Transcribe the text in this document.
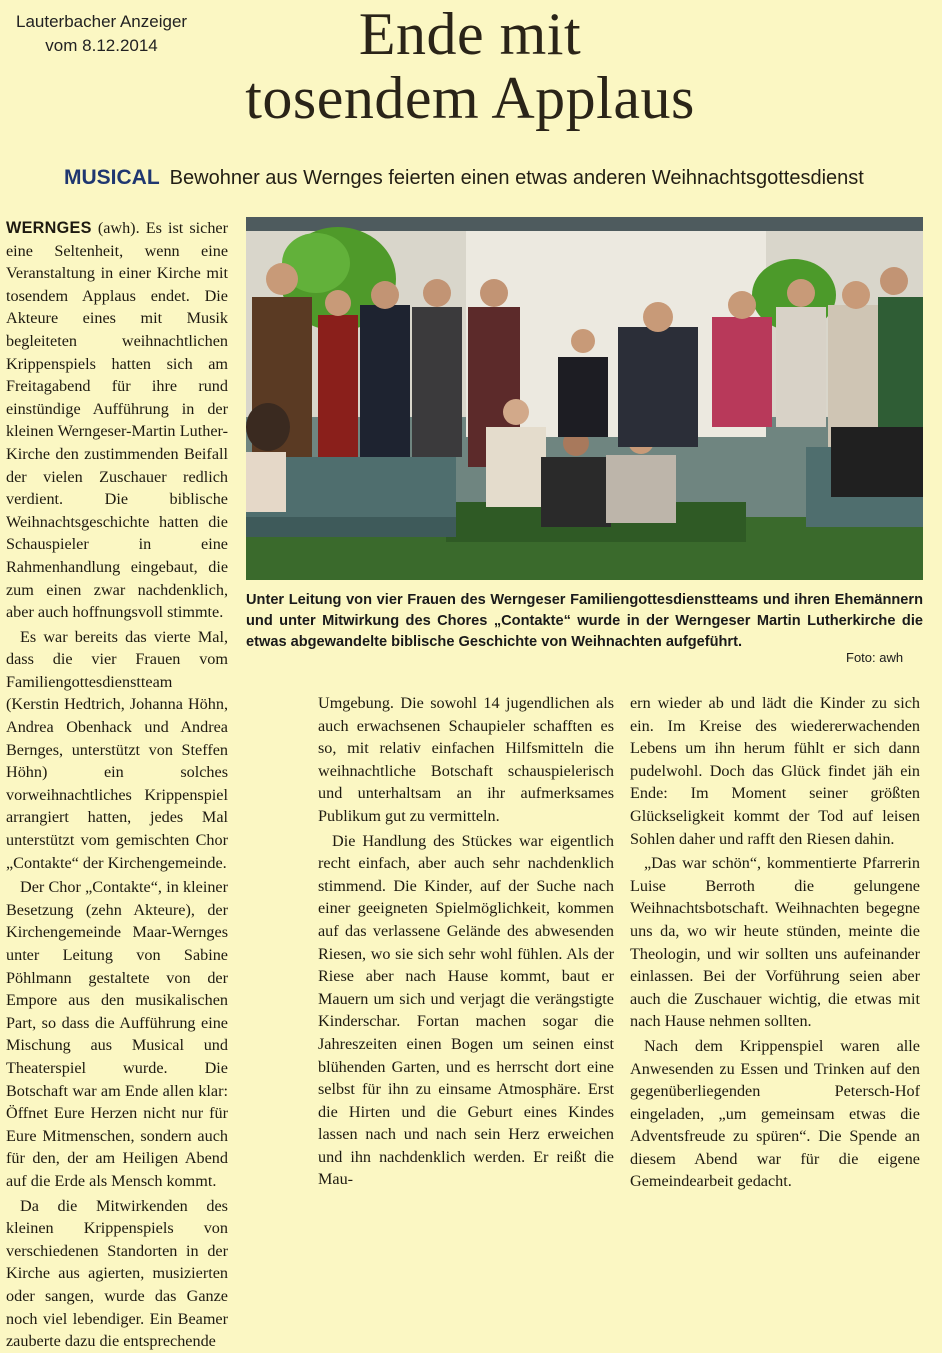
Lauterbacher Anzeiger
vom 8.12.2014	Ende mit
tosendem Applaus
MUSICAL Bewohner aus Wernges feierten einen etwas anderen Weihnachtsgottesdienst
Unter Leitung von vier Frauen des Werngeser Familiengottesdienstteams und ihren Ehemännern und unter Mitwirkung des Chores „Contakte“ wurde in der Werngeser Martin Lutherkirche die etwas abgewandelte biblische Geschichte von Weihnachten aufgeführt.
Foto: awh

WERNGES (awh). Es ist sicher eine Seltenheit, wenn eine Veranstaltung in einer Kirche mit tosendem Applaus endet. Die Akteure eines mit Musik begleiteten weihnachtlichen Krippenspiels hatten sich am Freitagabend für ihre rund einstündige Aufführung in der kleinen Werngeser-Martin Luther-Kirche den zustimmenden Beifall der vielen Zuschauer redlich verdient. Die biblische Weihnachtsgeschichte hatten die Schauspieler in eine Rahmenhandlung eingebaut, die zum einen zwar nachdenklich, aber auch hoffnungsvoll stimmte.

Es war bereits das vierte Mal, dass die vier Frauen vom Familiengottesdienstteam (Kerstin Hedtrich, Johanna Höhn, Andrea Obenhack und Andrea Bernges, unterstützt von Steffen Höhn) ein solches vorweihnachtliches Krippenspiel arrangiert hatten, jedes Mal unterstützt vom gemischten Chor „Contakte“ der Kirchengemeinde.

Der Chor „Contakte“, in kleiner Besetzung (zehn Akteure), der Kirchengemeinde Maar-Wernges unter Leitung von Sabine Pöhlmann gestaltete von der Empore aus den musikalischen Part, so dass die Aufführung eine Mischung aus Musical und Theaterspiel wurde. Die Botschaft war am Ende allen klar: Öffnet Eure Herzen nicht nur für Eure Mitmenschen, sondern auch für den, der am Heiligen Abend auf die Erde als Mensch kommt.

Da die Mitwirkenden des kleinen Krippenspiels von verschiedenen Standorten in der Kirche aus agierten, musizierten oder sangen, wurde das Ganze noch viel lebendiger. Ein Beamer zauberte dazu die entsprechende

Umgebung. Die sowohl 14 jugendlichen als auch erwachsenen Schaupieler schafften es so, mit relativ einfachen Hilfsmitteln die weihnachtliche Botschaft schauspielerisch und unterhaltsam an ihr aufmerksames Publikum gut zu vermitteln.

Die Handlung des Stückes war eigentlich recht einfach, aber auch sehr nachdenklich stimmend. Die Kinder, auf der Suche nach einer geeigneten Spielmöglichkeit, kommen auf das verlassene Gelände des abwesenden Riesen, wo sie sich sehr wohl fühlen. Als der Riese aber nach Hause kommt, baut er Mauern um sich und verjagt die verängstigte Kinderschar. Fortan machen sogar die Jahreszeiten einen Bogen um seinen einst blühenden Garten, und es herrscht dort eine selbst für ihn zu einsame Atmosphäre. Erst die Hirten und die Geburt eines Kindes lassen nach und nach sein Herz erweichen und ihn nachdenklich werden. Er reißt die Mau-

ern wieder ab und lädt die Kinder zu sich ein. Im Kreise des wiedererwachenden Lebens um ihn herum fühlt er sich dann pudelwohl. Doch das Glück findet jäh ein Ende: Im Moment seiner größten Glückseligkeit kommt der Tod auf leisen Sohlen daher und rafft den Riesen dahin.

„Das war schön“, kommentierte Pfarrerin Luise Berroth die gelungene Weihnachtsbotschaft. Weihnachten begegne uns da, wo wir heute stünden, meinte die Theologin, und wir sollten uns aufeinander einlassen. Bei der Vorführung seien aber auch die Zuschauer wichtig, die etwas mit nach Hause nehmen sollten.

Nach dem Krippenspiel waren alle Anwesenden zu Essen und Trinken auf den gegenüberliegenden Petersch-Hof eingeladen, „um gemeinsam etwas die Adventsfreude zu spüren“. Die Spende an diesem Abend war für die eigene Gemeindearbeit gedacht.
